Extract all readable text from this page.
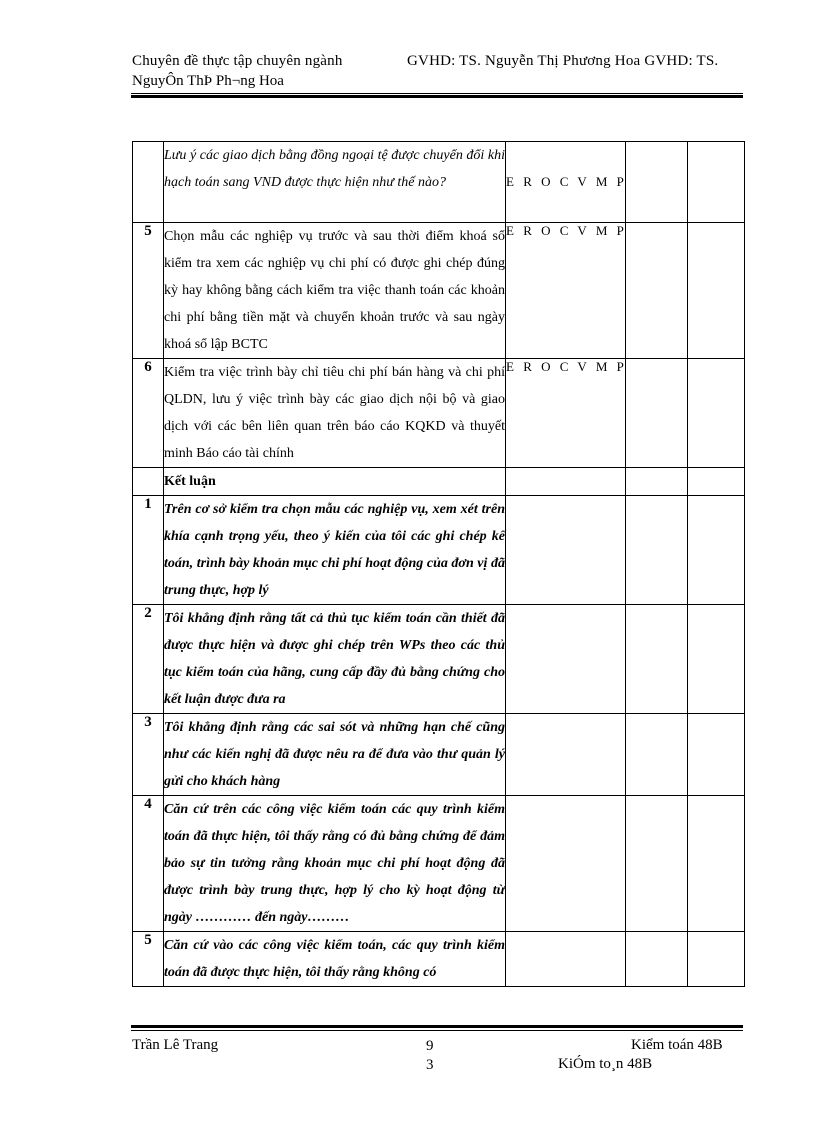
Chuyên đề thực tập chuyên ngành	GVHD: TS. Nguyễn Thị Phương Hoa GVHD: TS.
NguyÔn ThÞ Ph¬ng Hoa
	Lưu ý các giao dịch bằng đồng ngoại tệ được chuyển đổi khi hạch toán sang VND được thực hiện như thế nào?	E R O C V M P		
5	Chọn mẫu các nghiệp vụ trước và sau thời điểm khoá sổ kiểm tra xem các nghiệp vụ chi phí có được ghi chép đúng kỳ hay không bằng cách kiểm tra việc thanh toán các khoản chi phí bằng tiền mặt và chuyển khoản trước và sau ngày khoá sổ lập BCTC	E R O C V M P		
6	Kiểm tra việc trình bày chỉ tiêu chi phí bán hàng và chi phí QLDN, lưu ý việc trình bày các giao dịch nội bộ và giao dịch với các bên liên quan trên báo cáo KQKD và thuyết minh Báo cáo tài chính	E R O C V M P		
	Kết luận			
1	Trên cơ sở kiểm tra chọn mẫu các nghiệp vụ, xem xét trên khía cạnh trọng yếu, theo ý kiến của tôi các ghi chép kế toán, trình bày khoản mục chi phí hoạt động của đơn vị đã trung thực, hợp lý			
2	Tôi khẳng định rằng tất cả thủ tục kiểm toán cần thiết đã được thực hiện và được ghi chép trên WPs theo các thủ tục kiểm toán của hãng, cung cấp đầy đủ bằng chứng cho kết luận được đưa ra			
3	Tôi khẳng định rằng các sai sót và những hạn chế cũng như các kiến nghị đã được nêu ra để đưa vào thư quản lý gửi cho khách hàng			
4	Căn cứ trên các công việc kiểm toán các quy trình kiểm toán đã thực hiện, tôi thấy rằng có đủ bằng chứng để đảm bảo sự tin tưởng rằng khoản mục chi phí hoạt động đã được trình bày trung thực, hợp lý cho kỳ hoạt động từ ngày ………… đến ngày………			
5	Căn cứ vào các công việc kiểm toán, các quy trình kiểm toán đã được thực hiện, tôi thấy rằng không có			
Trần Lê Trang	9
3
Kiểm toán 48B
KiÓm to¸n 48B
